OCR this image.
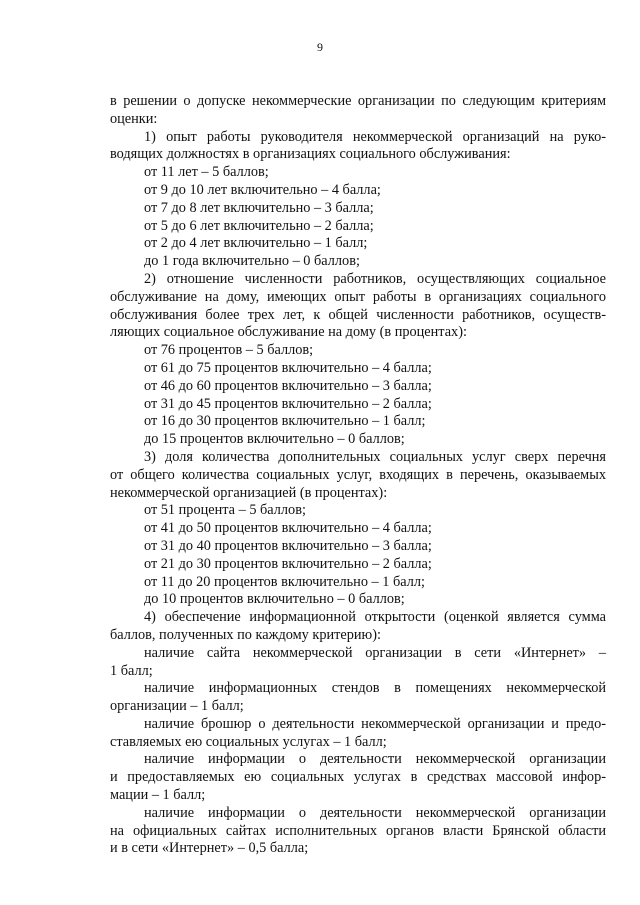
9
в решении о допуске некоммерческие организации по следующим критериям
оценки:
1) опыт работы руководителя некоммерческой организаций на руко-
водящих должностях в организациях социального обслуживания:
от 11 лет – 5 баллов;
от 9 до 10 лет включительно – 4 балла;
от 7 до 8 лет включительно – 3 балла;
от 5 до 6 лет включительно – 2 балла;
от 2 до 4 лет включительно – 1 балл;
до 1 года включительно – 0 баллов;
2) отношение численности работников, осуществляющих социальное
обслуживание на дому, имеющих опыт работы в организациях социального
обслуживания более трех лет, к общей численности работников, осуществ-
ляющих социальное обслуживание на дому (в процентах):
от 76 процентов – 5 баллов;
от 61 до 75 процентов включительно – 4 балла;
от 46 до 60 процентов включительно – 3 балла;
от 31 до 45 процентов включительно – 2 балла;
от 16 до 30 процентов включительно – 1 балл;
до 15 процентов включительно – 0 баллов;
3) доля количества дополнительных социальных услуг сверх перечня
от общего количества социальных услуг, входящих в перечень, оказываемых
некоммерческой организацией (в процентах):
от 51 процента – 5 баллов;
от 41 до 50 процентов включительно – 4 балла;
от 31 до 40 процентов включительно – 3 балла;
от 21 до 30 процентов включительно – 2 балла;
от 11 до 20 процентов включительно – 1 балл;
до 10 процентов включительно – 0 баллов;
4) обеспечение информационной открытости (оценкой является сумма
баллов, полученных по каждому критерию):
наличие сайта некоммерческой организации в сети «Интернет» –
1 балл;
наличие информационных стендов в помещениях некоммерческой
организации – 1 балл;
наличие брошюр о деятельности некоммерческой организации и предо-
ставляемых ею социальных услугах – 1 балл;
наличие информации о деятельности некоммерческой организации
и предоставляемых ею социальных услугах в средствах массовой инфор-
мации – 1 балл;
наличие информации о деятельности некоммерческой организации
на официальных сайтах исполнительных органов власти Брянской области
и в сети «Интернет» – 0,5 балла;
